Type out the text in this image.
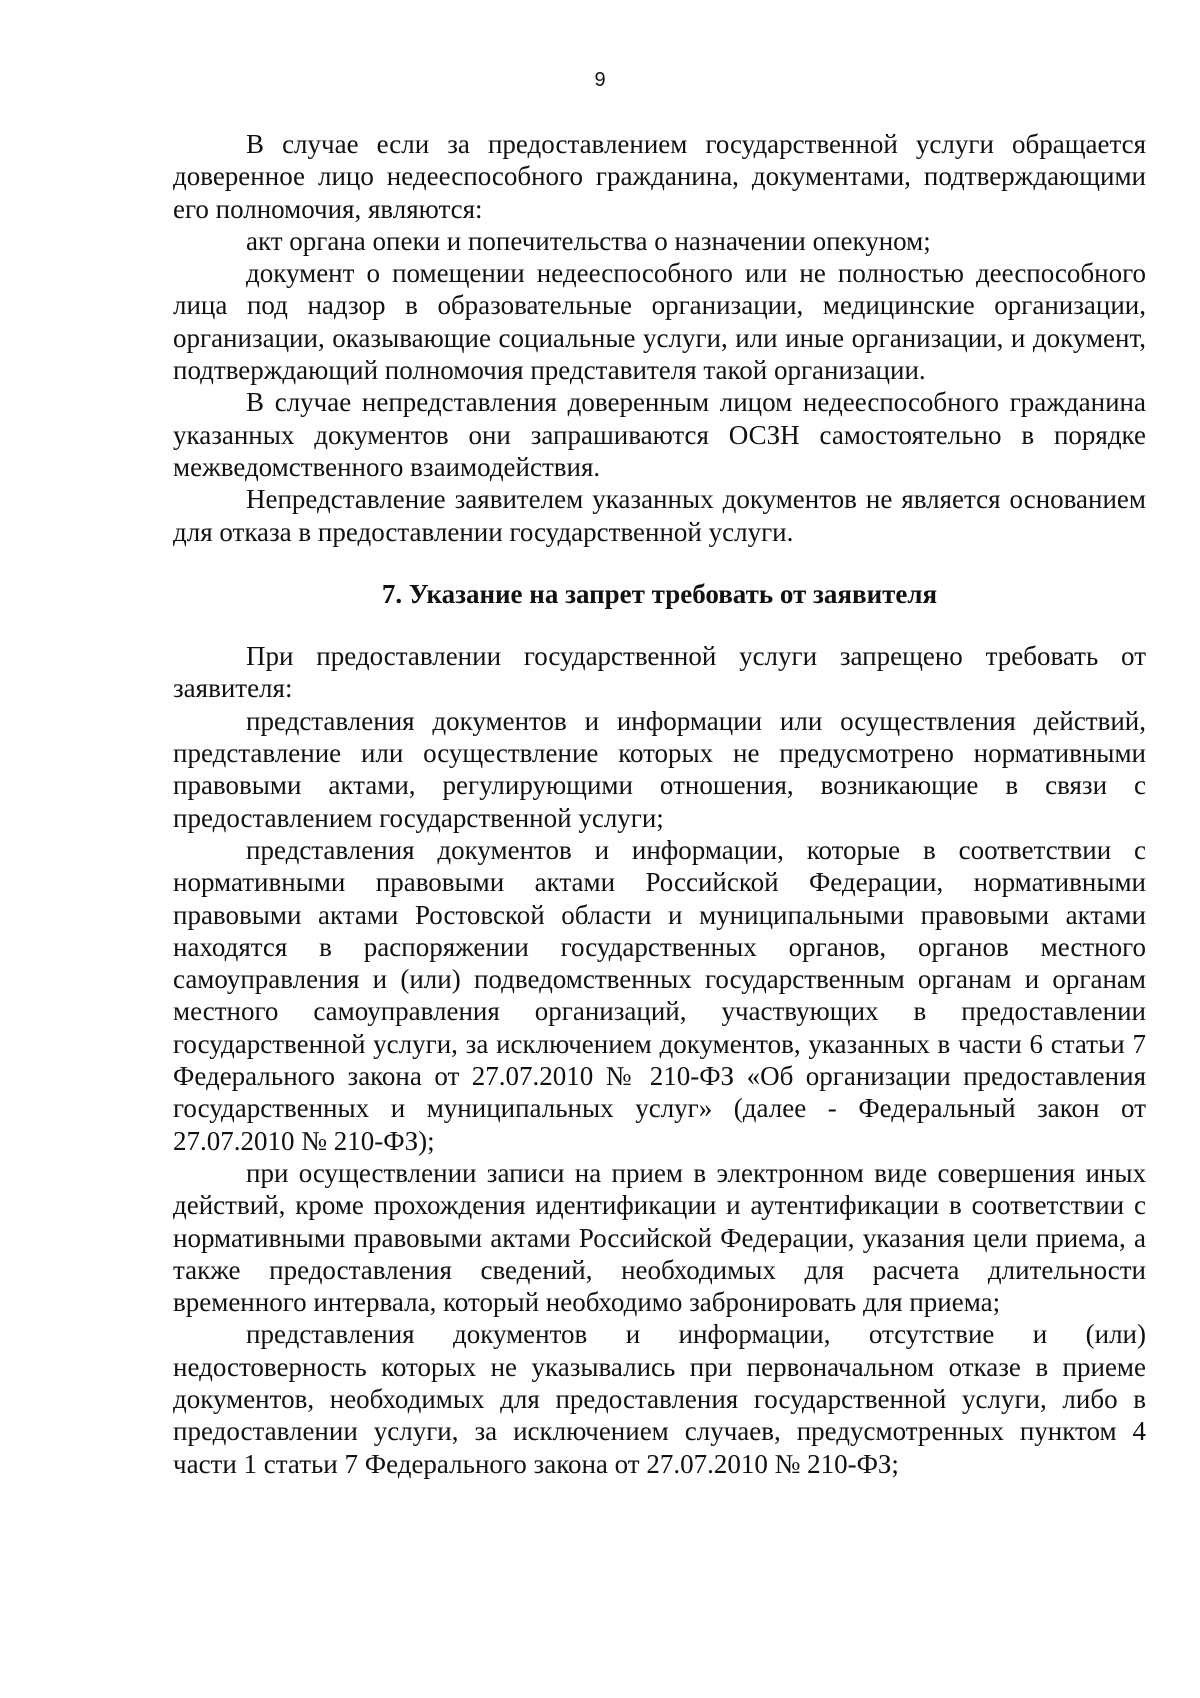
9

В случае если за предоставлением государственной услуги обращается доверенное лицо недееспособного гражданина, документами, подтверждающими его полномочия, являются:

акт органа опеки и попечительства о назначении опекуном;

документ о помещении недееспособного или не полностью дееспособного лица под надзор в образовательные организации, медицинские организации, организации, оказывающие социальные услуги, или иные организации, и документ, подтверждающий полномочия представителя такой организации.

В случае непредставления доверенным лицом недееспособного гражданина указанных документов они запрашиваются ОСЗН самостоятельно в порядке межведомственного взаимодействия.

Непредставление заявителем указанных документов не является основанием для отказа в предоставлении государственной услуги.

7. Указание на запрет требовать от заявителя

При предоставлении государственной услуги запрещено требовать от заявителя:

представления документов и информации или осуществления действий, представление или осуществление которых не предусмотрено нормативными правовыми актами, регулирующими отношения, возникающие в связи с предоставлением государственной услуги;

представления документов и информации, которые в соответствии с нормативными правовыми актами Российской Федерации, нормативными правовыми актами Ростовской области и муниципальными правовыми актами находятся в распоряжении государственных органов, органов местного самоуправления и (или) подведомственных государственным органам и органам местного самоуправления организаций, участвующих в предоставлении государственной услуги, за исключением документов, указанных в части 6 статьи 7 Федерального закона от 27.07.2010 № 210-ФЗ «Об организации предоставления государственных и муниципальных услуг» (далее - Федеральный закон от 27.07.2010 № 210-ФЗ);

при осуществлении записи на прием в электронном виде совершения иных действий, кроме прохождения идентификации и аутентификации в соответствии с нормативными правовыми актами Российской Федерации, указания цели приема, а также предоставления сведений, необходимых для расчета длительности временного интервала, который необходимо забронировать для приема;

представления документов и информации, отсутствие и (или) недостоверность которых не указывались при первоначальном отказе в приеме документов, необходимых для предоставления государственной услуги, либо в предоставлении услуги, за исключением случаев, предусмотренных пунктом 4 части 1 статьи 7 Федерального закона от 27.07.2010 № 210-ФЗ;
